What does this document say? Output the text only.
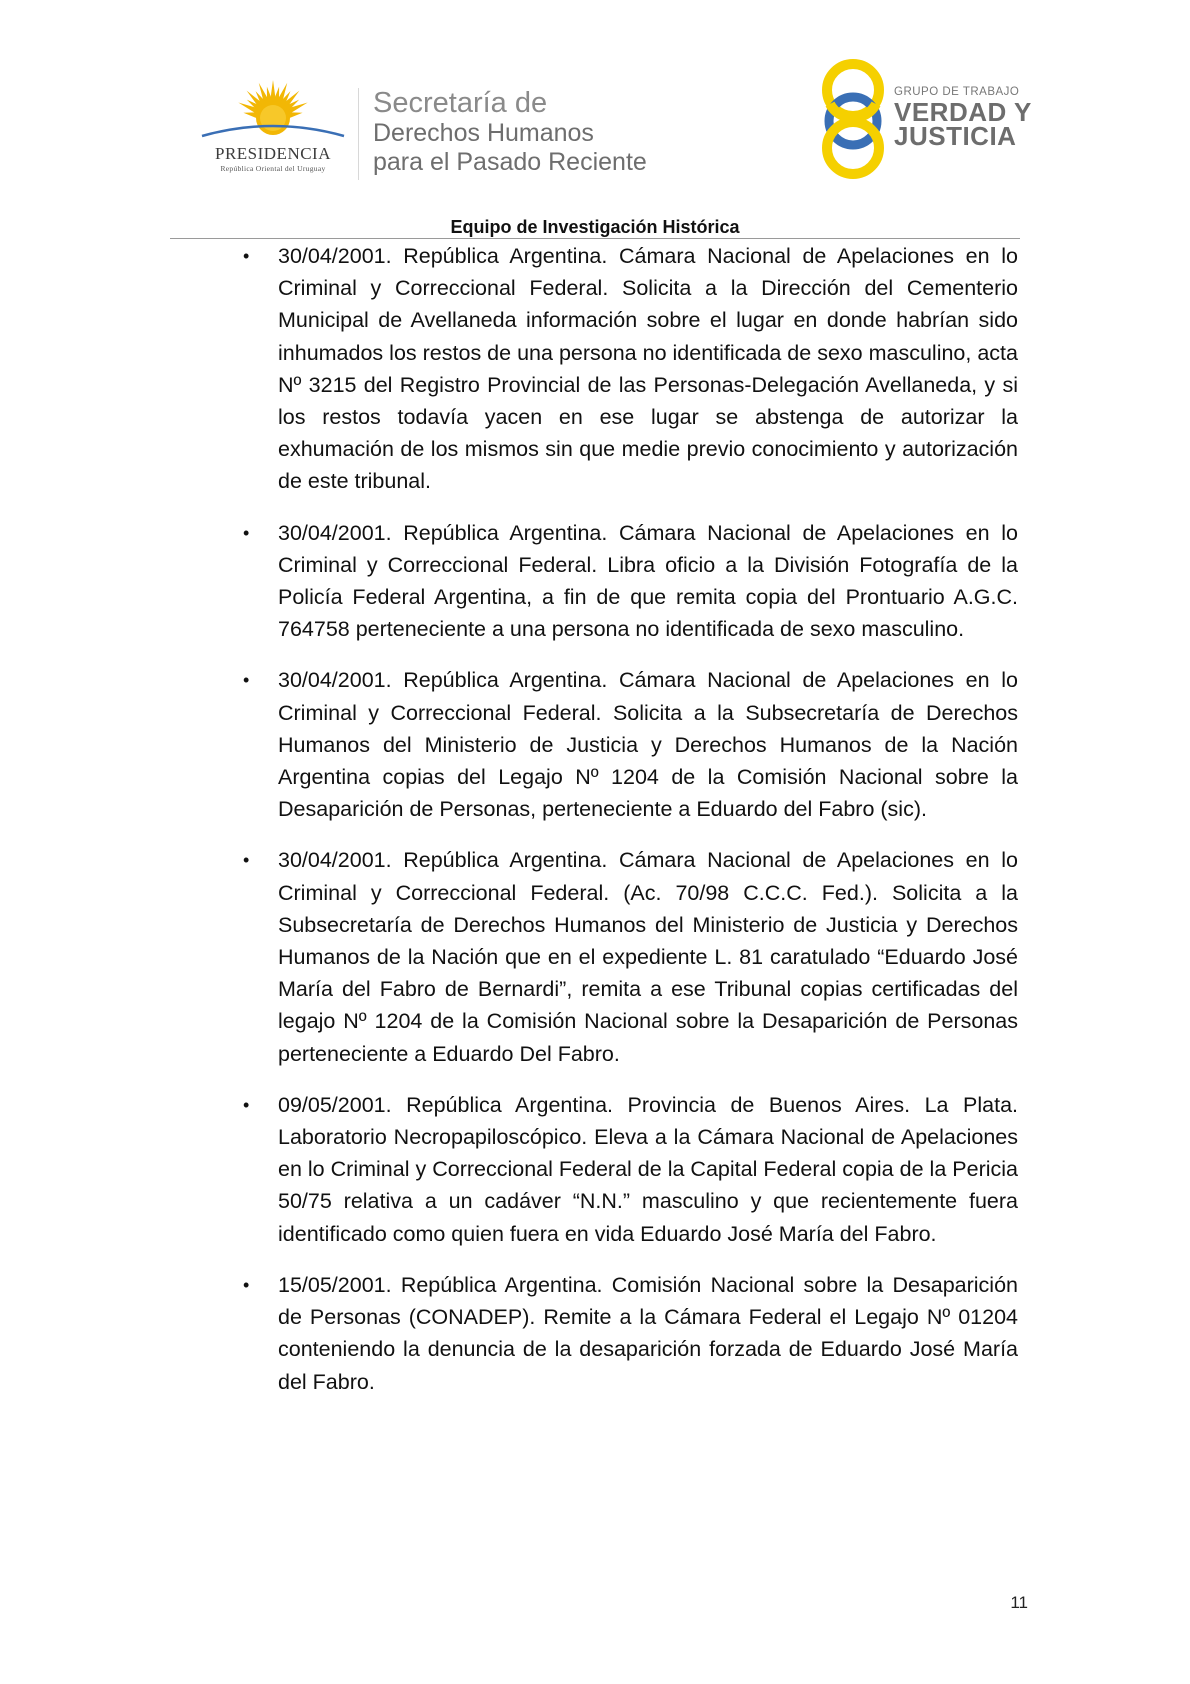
PRESIDENCIA
República Oriental del Uruguay
Secretaría de
Derechos Humanos
para el Pasado Reciente
GRUPO DE TRABAJO
VERDAD Y
JUSTICIA
Equipo de Investigación Histórica
• 30/04/2001. República Argentina. Cámara Nacional de Apelaciones en lo Criminal y Correccional Federal. Solicita a la Dirección del Cementerio Municipal de Avellaneda información sobre el lugar en donde habrían sido inhumados los restos de una persona no identificada de sexo masculino, acta Nº 3215 del Registro Provincial de las Personas-Delegación Avellaneda, y si los restos todavía yacen en ese lugar se abstenga de autorizar la exhumación de los mismos sin que medie previo conocimiento y autorización de este tribunal.
• 30/04/2001. República Argentina. Cámara Nacional de Apelaciones en lo Criminal y Correccional Federal. Libra oficio a la División Fotografía de la Policía Federal Argentina, a fin de que remita copia del Prontuario A.G.C. 764758 perteneciente a una persona no identificada de sexo masculino.
• 30/04/2001. República Argentina. Cámara Nacional de Apelaciones en lo Criminal y Correccional Federal. Solicita a la Subsecretaría de Derechos Humanos del Ministerio de Justicia y Derechos Humanos de la Nación Argentina copias del Legajo Nº 1204 de la Comisión Nacional sobre la Desaparición de Personas, perteneciente a Eduardo del Fabro (sic).
• 30/04/2001. República Argentina. Cámara Nacional de Apelaciones en lo Criminal y Correccional Federal. (Ac. 70/98 C.C.C. Fed.). Solicita a la Subsecretaría de Derechos Humanos del Ministerio de Justicia y Derechos Humanos de la Nación que en el expediente L. 81 caratulado “Eduardo José María del Fabro de Bernardi”, remita a ese Tribunal copias certificadas del legajo Nº 1204 de la Comisión Nacional sobre la Desaparición de Personas perteneciente a Eduardo Del Fabro.
• 09/05/2001. República Argentina. Provincia de Buenos Aires. La Plata. Laboratorio Necropapiloscópico. Eleva a la Cámara Nacional de Apelaciones en lo Criminal y Correccional Federal de la Capital Federal copia de la Pericia 50/75 relativa a un cadáver “N.N.” masculino y que recientemente fuera identificado como quien fuera en vida Eduardo José María del Fabro.
• 15/05/2001. República Argentina. Comisión Nacional sobre la Desaparición de Personas (CONADEP). Remite a la Cámara Federal el Legajo Nº 01204 conteniendo la denuncia de la desaparición forzada de Eduardo José María del Fabro.
11
